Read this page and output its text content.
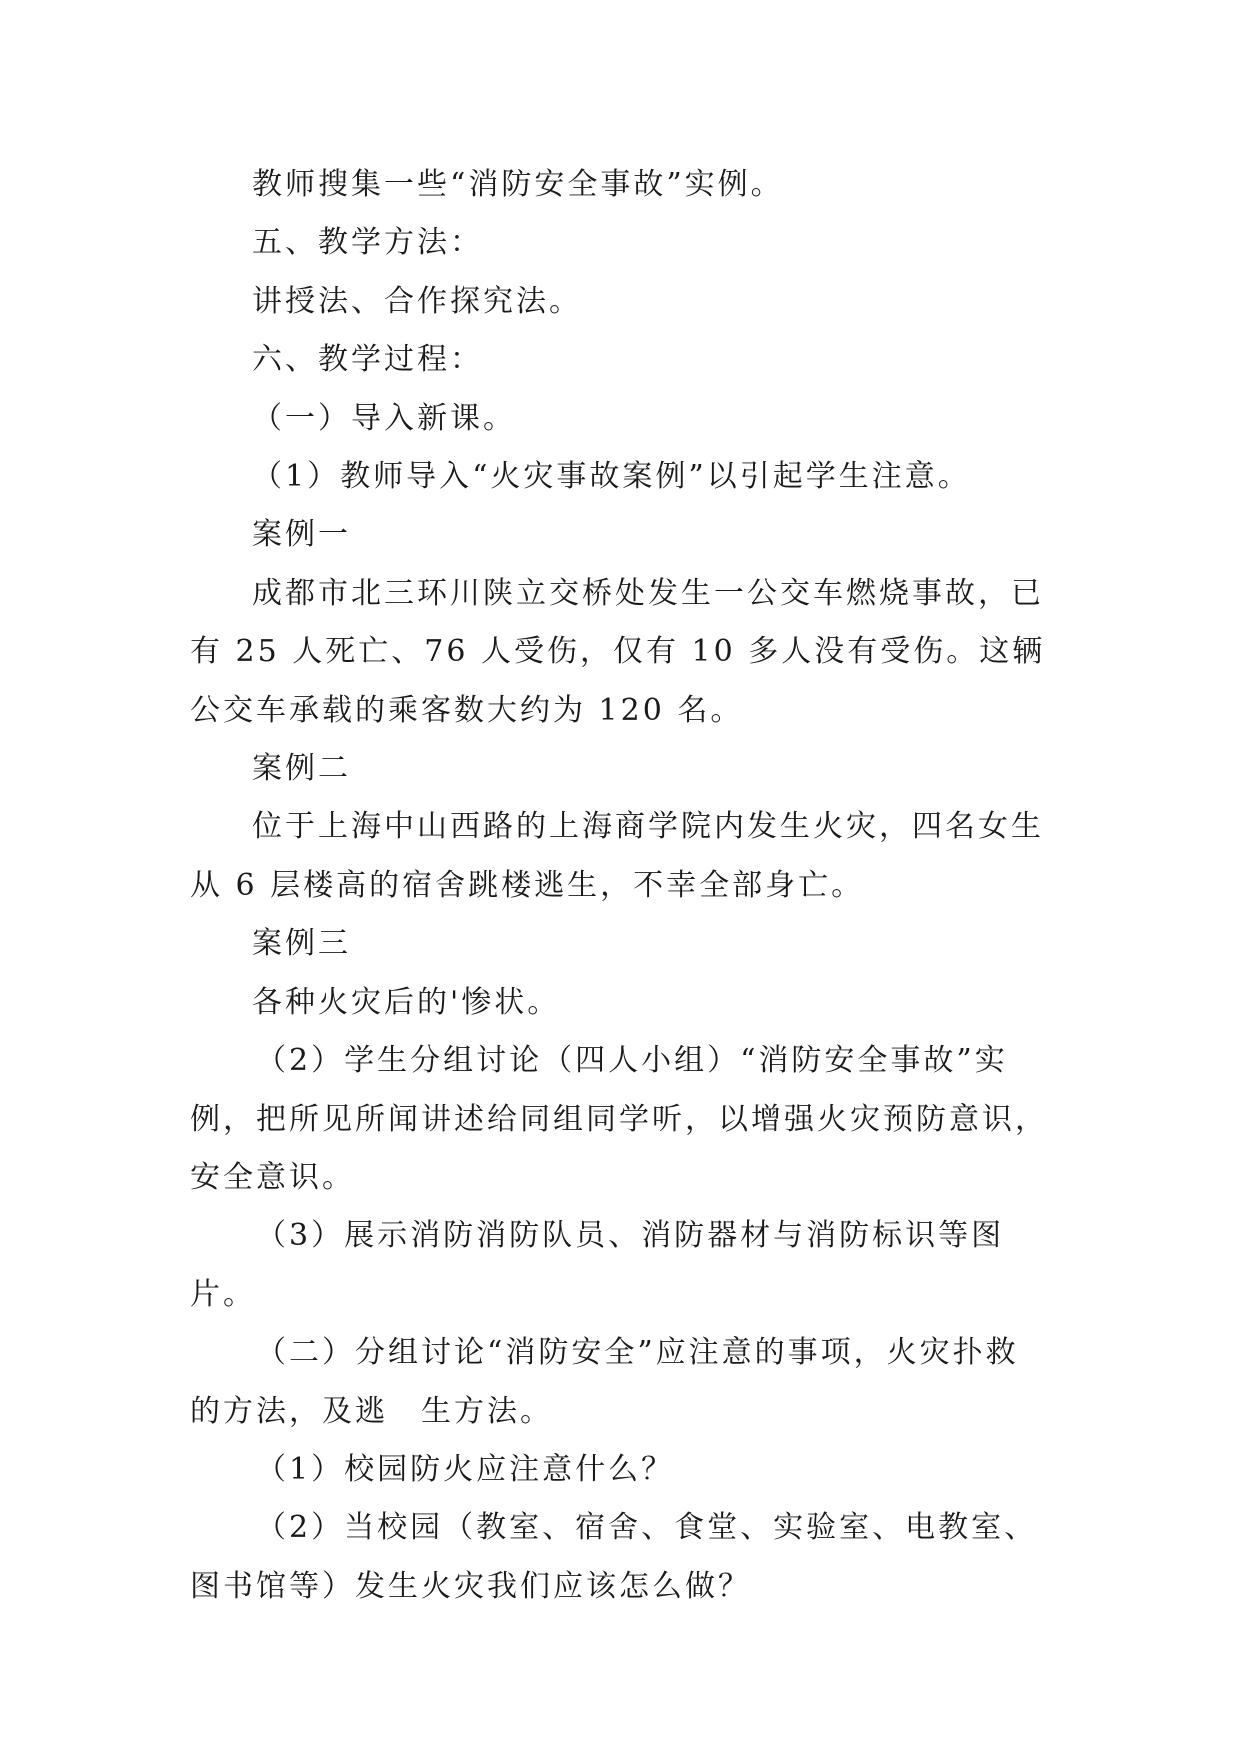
教师搜集一些“消防安全事故”实例。

五、教学方法：

讲授法、合作探究法。

六、教学过程：

（一）导入新课。

（1）教师导入“火灾事故案例”以引起学生注意。

案例一

成都市北三环川陕立交桥处发生一公交车燃烧事故，已有 25 人死亡、76 人受伤，仅有 10 多人没有受伤。这辆公交车承载的乘客数大约为 120 名。

案例二

位于上海中山西路的上海商学院内发生火灾，四名女生从 6 层楼高的宿舍跳楼逃生，不幸全部身亡。

案例三

各种火灾后的'惨状。

（2）学生分组讨论（四人小组）“消防安全事故”实例，把所见所闻讲述给同组同学听，以增强火灾预防意识，安全意识。

（3）展示消防消防队员、消防器材与消防标识等图片。

（二）分组讨论“消防安全”应注意的事项，火灾扑救的方法，及逃　生方法。

（1）校园防火应注意什么？

（2）当校园（教室、宿舍、食堂、实验室、电教室、图书馆等）发生火灾我们应该怎么做？
